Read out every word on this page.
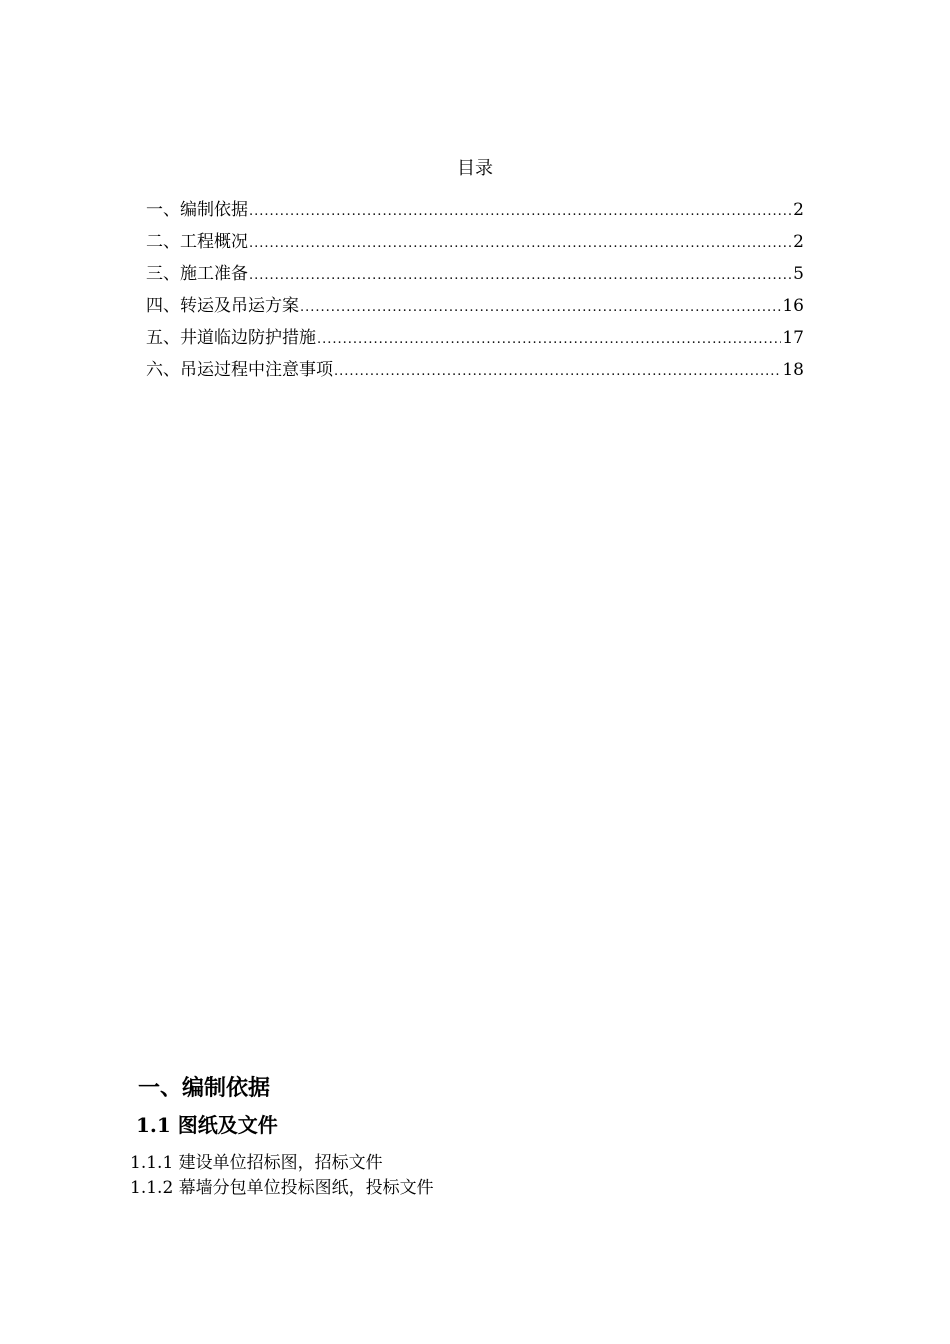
目录
一、编制依据 .....	2
二、工程概况 .....	2
三、施工准备 .....	5
四、转运及吊运方案 .....	16
五、井道临边防护措施 .....	17
六、吊运过程中注意事项 .....	18
一、编制依据
1.1 图纸及文件
1.1.1 建设单位招标图，招标文件
1.1.2 幕墙分包单位投标图纸，投标文件
